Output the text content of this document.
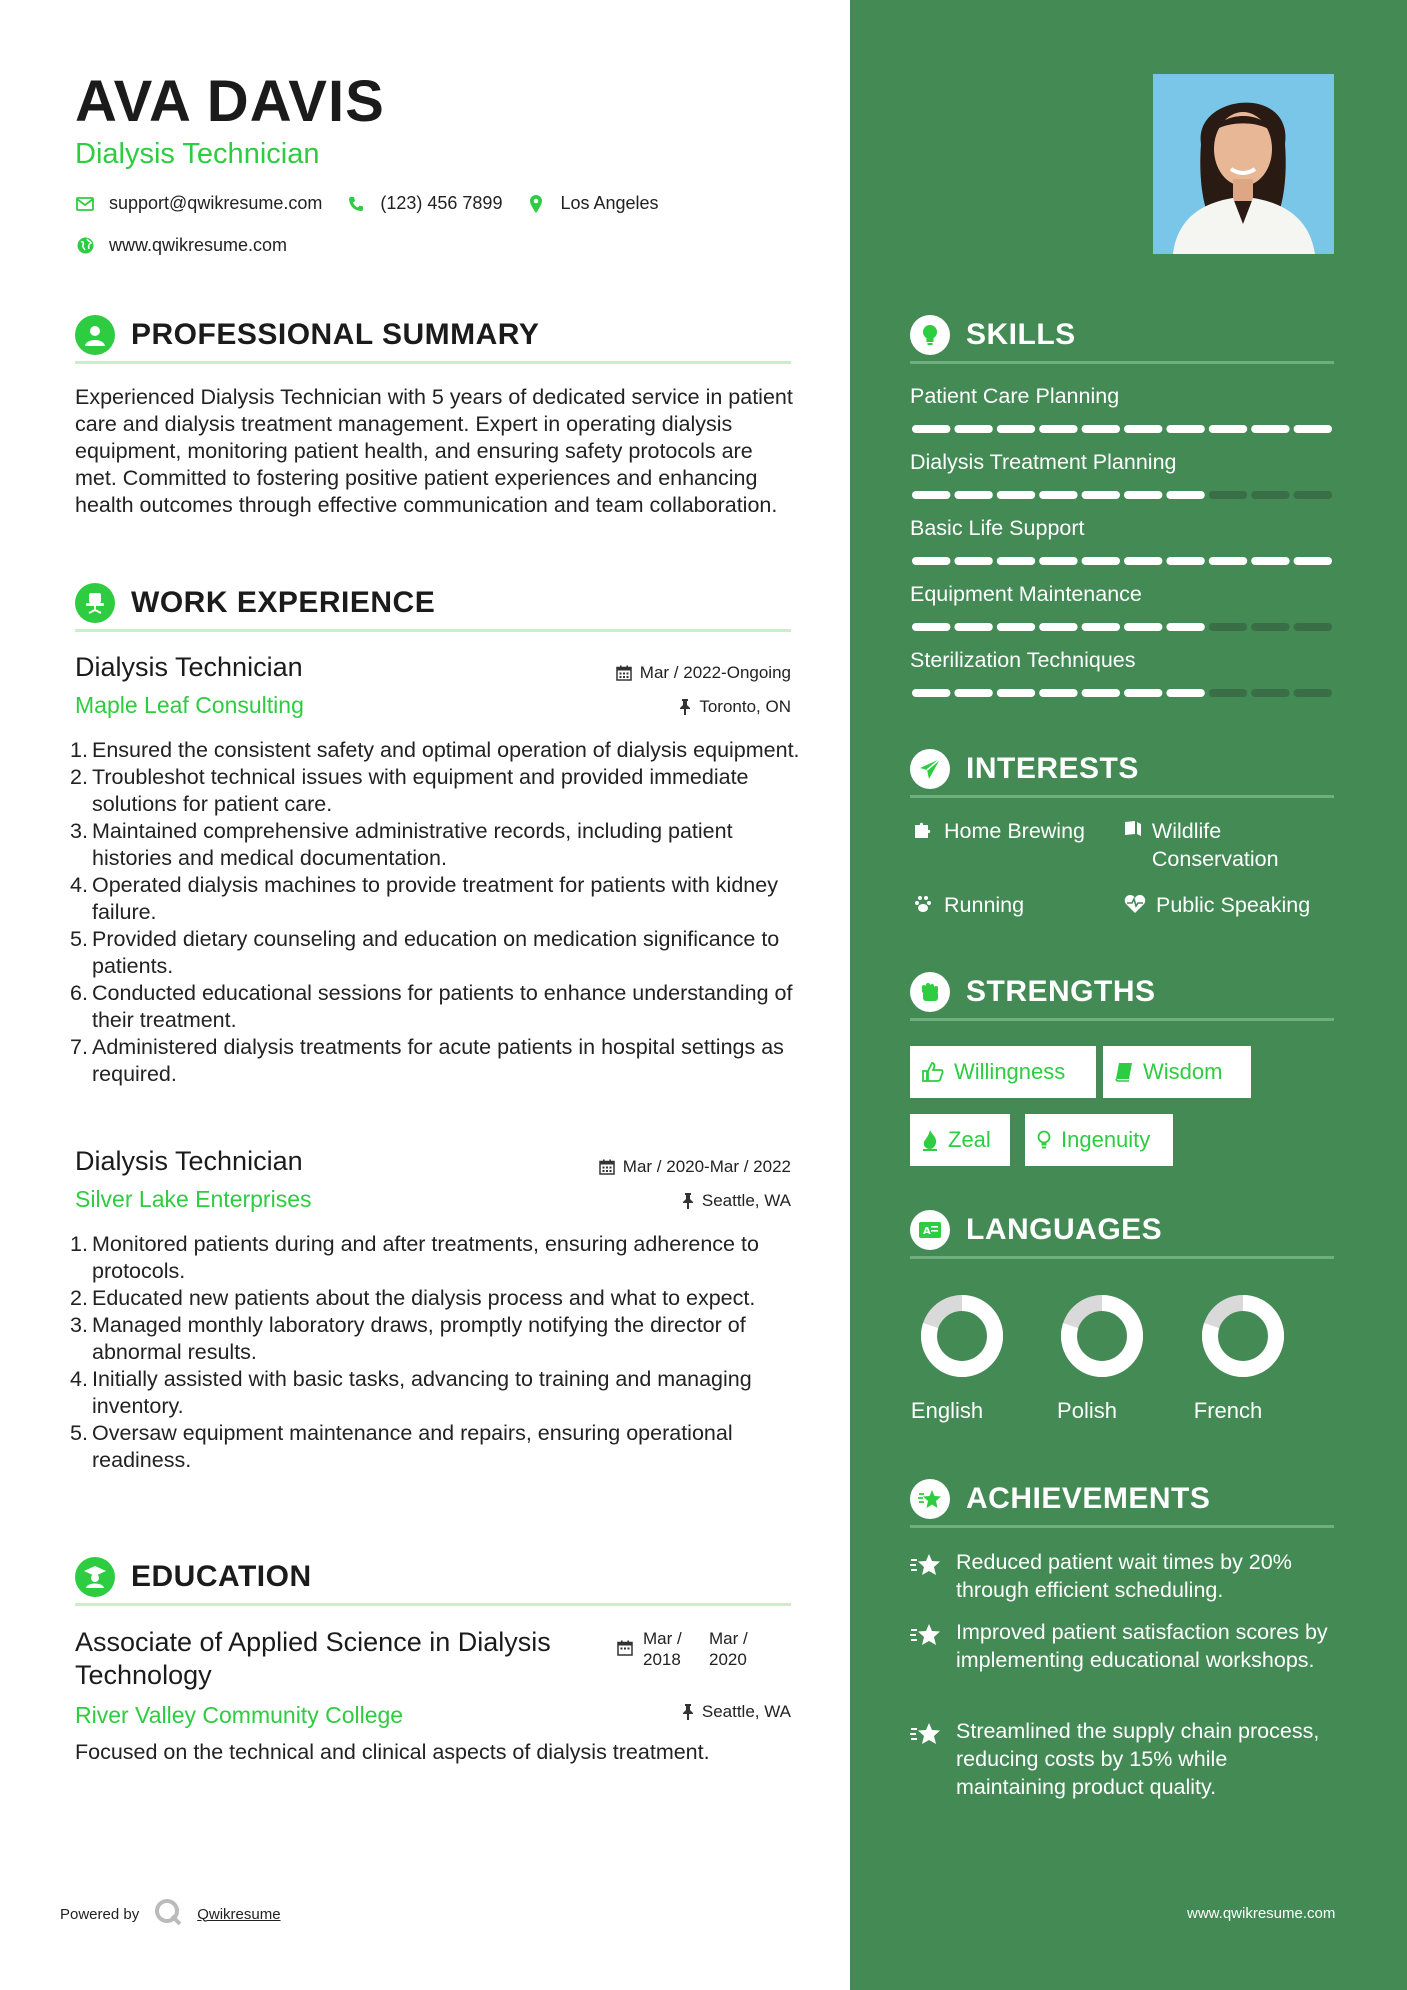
AVA DAVIS
Dialysis Technician
support@qwikresume.com	(123) 456 7899	Los Angeles
www.qwikresume.com
PROFESSIONAL SUMMARY
Experienced Dialysis Technician with 5 years of dedicated service in patient care and dialysis treatment management. Expert in operating dialysis equipment, monitoring patient health, and ensuring safety protocols are met. Committed to fostering positive patient experiences and enhancing health outcomes through effective communication and team collaboration.
WORK EXPERIENCE
Dialysis Technician
Maple Leaf Consulting
Mar / 2022-Ongoing
Toronto, ON
1. Ensured the consistent safety and optimal operation of dialysis equipment.
2. Troubleshot technical issues with equipment and provided immediate solutions for patient care.
3. Maintained comprehensive administrative records, including patient histories and medical documentation.
4. Operated dialysis machines to provide treatment for patients with kidney failure.
5. Provided dietary counseling and education on medication significance to patients.
6. Conducted educational sessions for patients to enhance understanding of their treatment.
7. Administered dialysis treatments for acute patients in hospital settings as required.
Dialysis Technician
Silver Lake Enterprises
Mar / 2020-Mar / 2022
Seattle, WA
1. Monitored patients during and after treatments, ensuring adherence to protocols.
2. Educated new patients about the dialysis process and what to expect.
3. Managed monthly laboratory draws, promptly notifying the director of abnormal results.
4. Initially assisted with basic tasks, advancing to training and managing inventory.
5. Oversaw equipment maintenance and repairs, ensuring operational readiness.
EDUCATION
Associate of Applied Science in Dialysis Technology
Mar /
2018
Mar /
2020
River Valley Community College	Seattle, WA
Focused on the technical and clinical aspects of dialysis treatment.
Powered by	Qwikresume
SKILLS
Patient Care Planning
Dialysis Treatment Planning
Basic Life Support
Equipment Maintenance
Sterilization Techniques
INTERESTS
Home Brewing	Wildlife Conservation
Running	Public Speaking
STRENGTHS
Willingness	Wisdom
Zeal	Ingenuity
A LANGUAGES
English	Polish	French
ACHIEVEMENTS
Reduced patient wait times by 20% through efficient scheduling.
Improved patient satisfaction scores by implementing educational workshops.
Streamlined the supply chain process, reducing costs by 15% while maintaining product quality.
www.qwikresume.com
